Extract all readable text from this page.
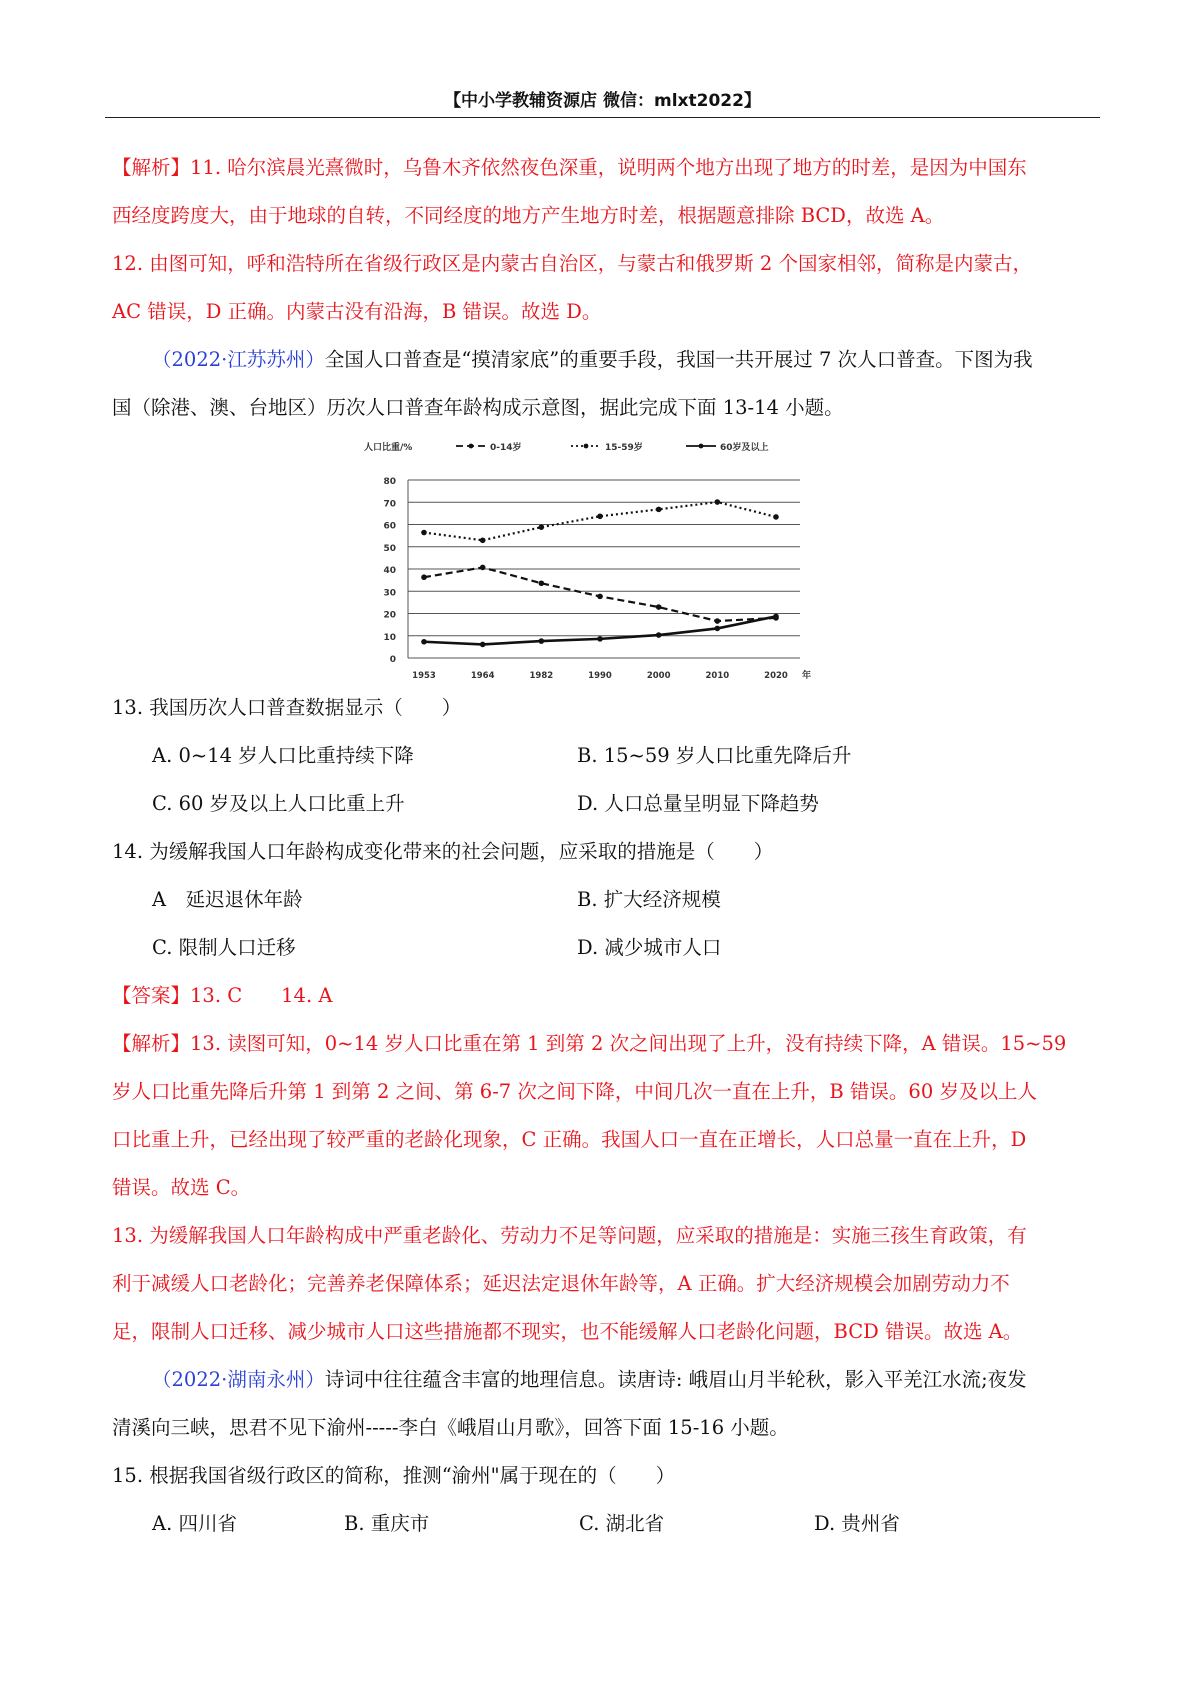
【中小学教辅资源店 微信：mlxt2022】
【解析】11. 哈尔滨晨光熹微时，乌鲁木齐依然夜色深重，说明两个地方出现了地方的时差，是因为中国东
西经度跨度大，由于地球的自转，不同经度的地方产生地方时差，根据题意排除 BCD，故选 A。
12. 由图可知，呼和浩特所在省级行政区是内蒙古自治区，与蒙古和俄罗斯 2 个国家相邻，简称是内蒙古，
AC 错误，D 正确。内蒙古没有沿海，B 错误。故选 D。
（2022·江苏苏州）全国人口普查是“摸清家底”的重要手段，我国一共开展过 7 次人口普查。下图为我
国（除港、澳、台地区）历次人口普查年龄构成示意图，据此完成下面 13-14 小题。
0
10
20
30
40
50
60
70
80
人口比重/%
1953	1964	1982	1990	2000	2010	2020 年
0-14岁	15-59岁	60岁及以上
13. 我国历次人口普查数据显示（　　）
A. 0~14 岁人口比重持续下降	B. 15~59 岁人口比重先降后升
C. 60 岁及以上人口比重上升	D. 人口总量呈明显下降趋势
14. 为缓解我国人口年龄构成变化带来的社会问题，应采取的措施是（　　）
A　延迟退休年龄	B. 扩大经济规模
C. 限制人口迁移	D. 减少城市人口
【答案】13. C　　14. A
【解析】13. 读图可知，0~14 岁人口比重在第 1 到第 2 次之间出现了上升，没有持续下降，A 错误。15~59
岁人口比重先降后升第 1 到第 2 之间、第 6-7 次之间下降，中间几次一直在上升，B 错误。60 岁及以上人
口比重上升，已经出现了较严重的老龄化现象，C 正确。我国人口一直在正增长，人口总量一直在上升，D
错误。故选 C。
13. 为缓解我国人口年龄构成中严重老龄化、劳动力不足等问题，应采取的措施是：实施三孩生育政策，有
利于减缓人口老龄化；完善养老保障体系；延迟法定退休年龄等，A 正确。扩大经济规模会加剧劳动力不
足，限制人口迁移、减少城市人口这些措施都不现实，也不能缓解人口老龄化问题，BCD 错误。故选 A。
（2022·湖南永州）诗词中往往蕴含丰富的地理信息。读唐诗: 峨眉山月半轮秋，影入平羌江水流;夜发
清溪向三峡，思君不见下渝州-----李白《峨眉山月歌》，回答下面 15-16 小题。
15. 根据我国省级行政区的简称，推测“渝州"属于现在的（　　）
A. 四川省	B. 重庆市	C. 湖北省	D. 贵州省
